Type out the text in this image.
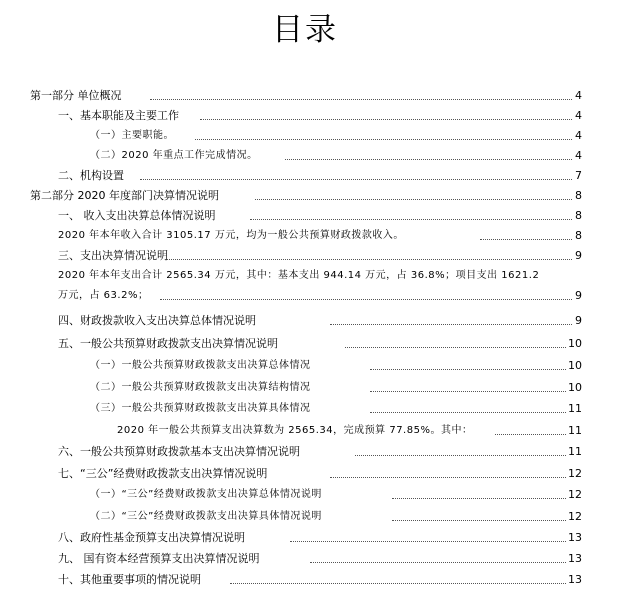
目录
第一部分 单位概况	4
一、基本职能及主要工作	4
（一）主要职能。	4
（二）2020 年重点工作完成情况。	4
二、机构设置	7
第二部分 2020 年度部门决算情况说明	8
一、 收入支出决算总体情况说明	8
2020 年本年收入合计 3105.17 万元，均为一般公共预算财政拨款收入。	8
三、支出决算情况说明	9
2020 年本年支出合计 2565.34 万元，其中：基本支出 944.14 万元，占 36.8%；项目支出 1621.2
万元，占 63.2%；	9
四、财政拨款收入支出决算总体情况说明	9
五、一般公共预算财政拨款支出决算情况说明	10
（一）一般公共预算财政拨款支出决算总体情况	10
（二）一般公共预算财政拨款支出决算结构情况	10
（三）一般公共预算财政拨款支出决算具体情况	11
2020 年一般公共预算支出决算数为 2565.34，完成预算 77.85%。其中：	11
六、一般公共预算财政拨款基本支出决算情况说明	11
七、“三公”经费财政拨款支出决算情况说明	12
（一）“三公”经费财政拨款支出决算总体情况说明	12
（二）“三公”经费财政拨款支出决算具体情况说明	12
八、政府性基金预算支出决算情况说明	13
九、 国有资本经营预算支出决算情况说明	13
十、其他重要事项的情况说明	13
